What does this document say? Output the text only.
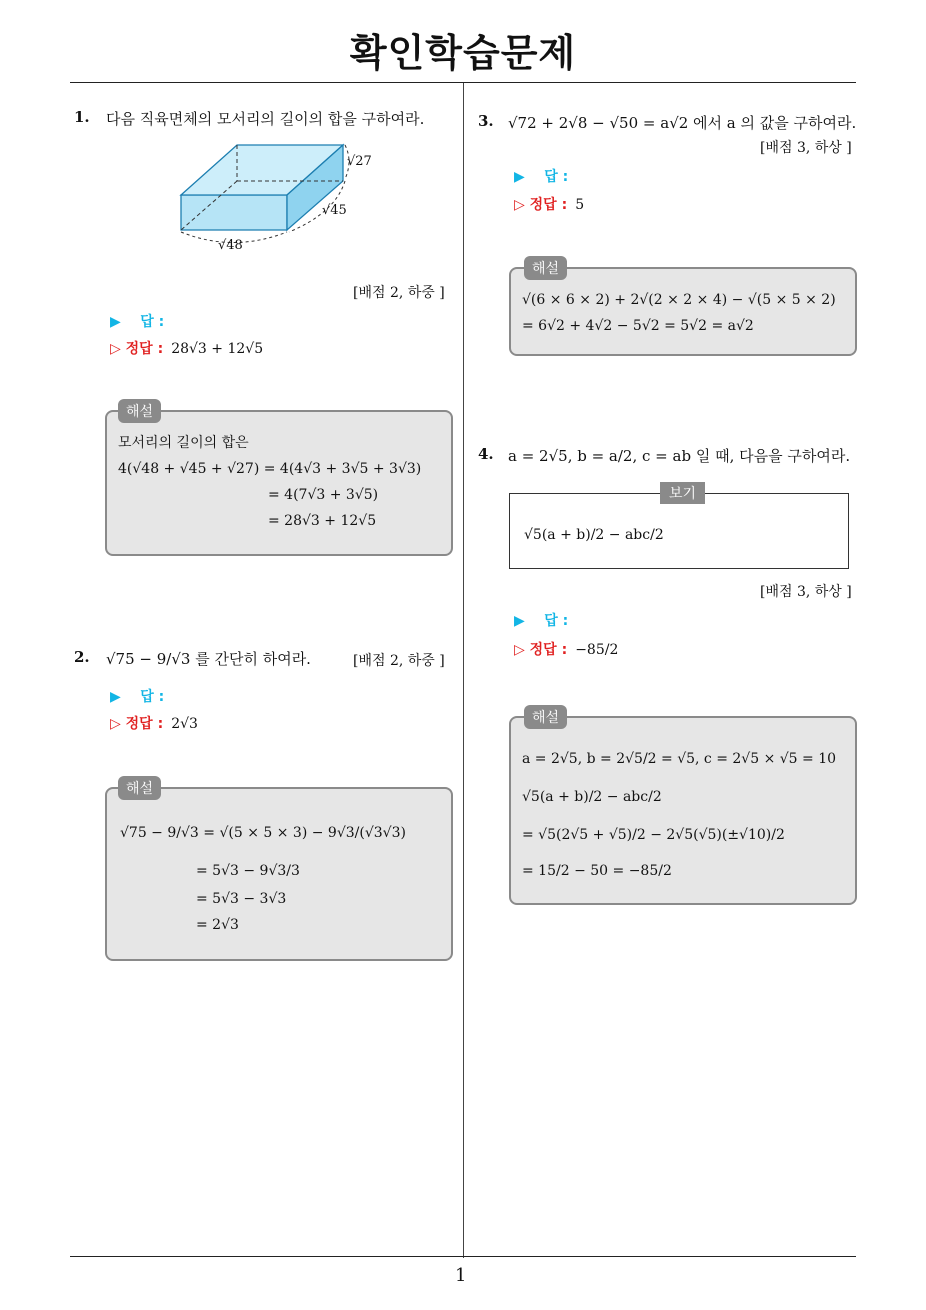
확인학습문제
1
1. 다음 직육면체의 모서리의 길이의 합을 구하여라.
√27
√45
√48
[배점 2, 하중 ]
▶ 답 :
▷ 정답 : 28√3 + 12√5
해설
모서리의 길이의 합은
4(√48 + √45 + √27) = 4(4√3 + 3√5 + 3√3)
= 4(7√3 + 3√5)
= 28√3 + 12√5
2. √75 − 9/√3 를 간단히 하여라.	[배점 2, 하중 ]
▶ 답 :
▷ 정답 : 2√3
해설
√75 − 9/√3 = √(5 × 5 × 3) − 9√3/(√3√3)
= 5√3 − 9√3/3
= 5√3 − 3√3
= 2√3
3. √72 + 2√8 − √50 = a√2 에서 a 의 값을 구하여라.
[배점 3, 하상 ]
▶ 답 :
▷ 정답 : 5
해설
√(6 × 6 × 2) + 2√(2 × 2 × 4) − √(5 × 5 × 2)
= 6√2 + 4√2 − 5√2 = 5√2 = a√2
4. a = 2√5, b = a/2, c = ab 일 때, 다음을 구하여라.
보기
√5(a + b)/2 − abc/2
[배점 3, 하상 ]
▶ 답 :
▷ 정답 : −85/2
해설
a = 2√5, b = 2√5/2 = √5, c = 2√5 × √5 = 10
√5(a + b)/2 − abc/2
= √5(2√5 + √5)/2 − 2√5(√5)(±√10)/2
= 15/2 − 50 = −85/2
